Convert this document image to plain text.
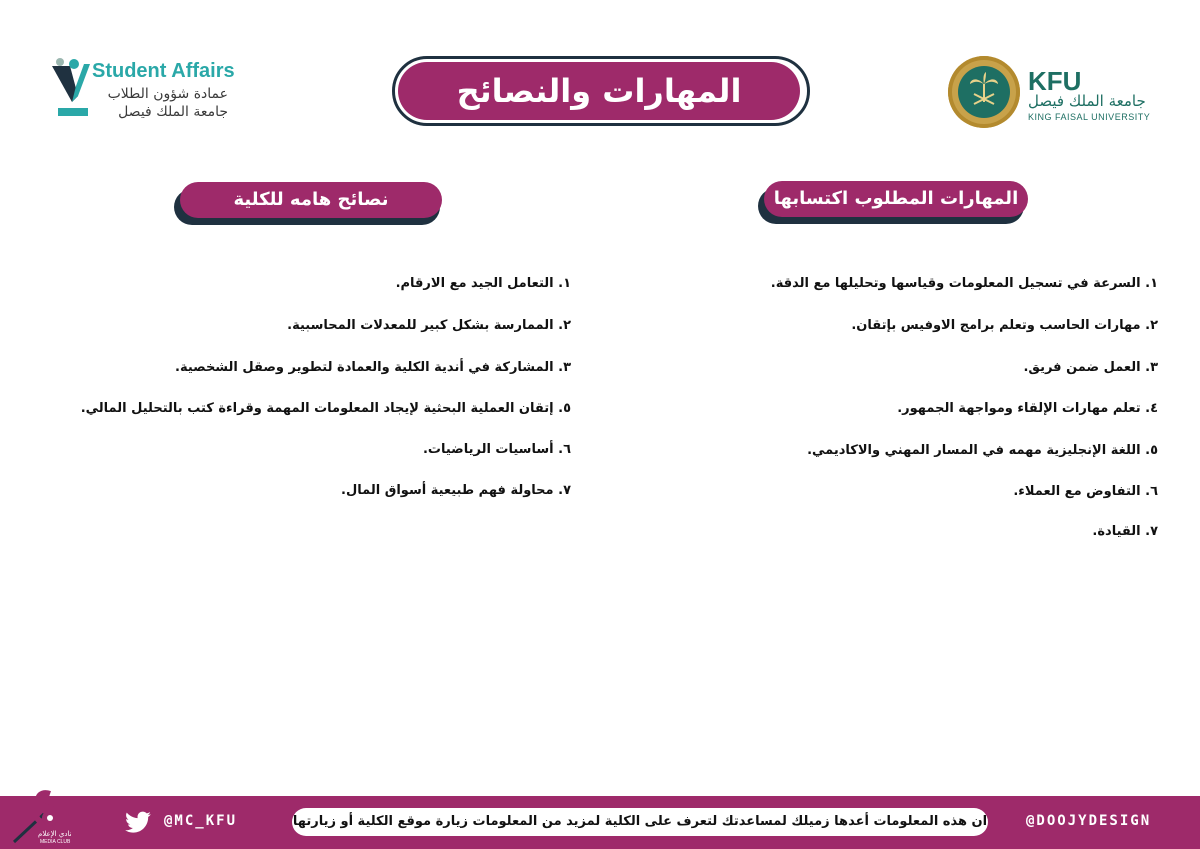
Student Affairs
عمادة شؤون الطلاب
جامعة الملك فيصل
المهارات والنصائح	KFU
جامعة الملك فيصل
KING FAISAL UNIVERSITY
المهارات المطلوب اكتسابها
نصائح هامه للكلية
١. السرعة في تسجيل المعلومات وقياسها وتحليلها مع الدقة.
٢. مهارات الحاسب وتعلم برامج الاوفيس بإتقان.
٣. العمل ضمن فريق.
٤. تعلم مهارات الإلقاء ومواجهة الجمهور.
٥. اللغة الإنجليزية مهمه في المسار المهني والاكاديمي.
٦. التفاوض مع العملاء.
٧. القيادة.
١. التعامل الجيد مع الارقام.
٢. الممارسة بشكل كبير للمعدلات المحاسبية.
٣. المشاركة في أندية الكلية والعمادة لتطوير وصقل الشخصية.
٥. إتقان العملية البحثية لإيجاد المعلومات المهمة وقراءة كتب بالتحليل المالي.
٦. أساسيات الرياضيات.
٧. محاولة فهم طبيعية أسواق المال.
نادي الإعلام
MEDIA CLUB
@MC_KFU	ان هذه المعلومات أعدها زميلك لمساعدتك لتعرف على الكلية لمزيد من المعلومات زيارة موقع الكلية أو زيارتها	@DOOJYDESIGN
